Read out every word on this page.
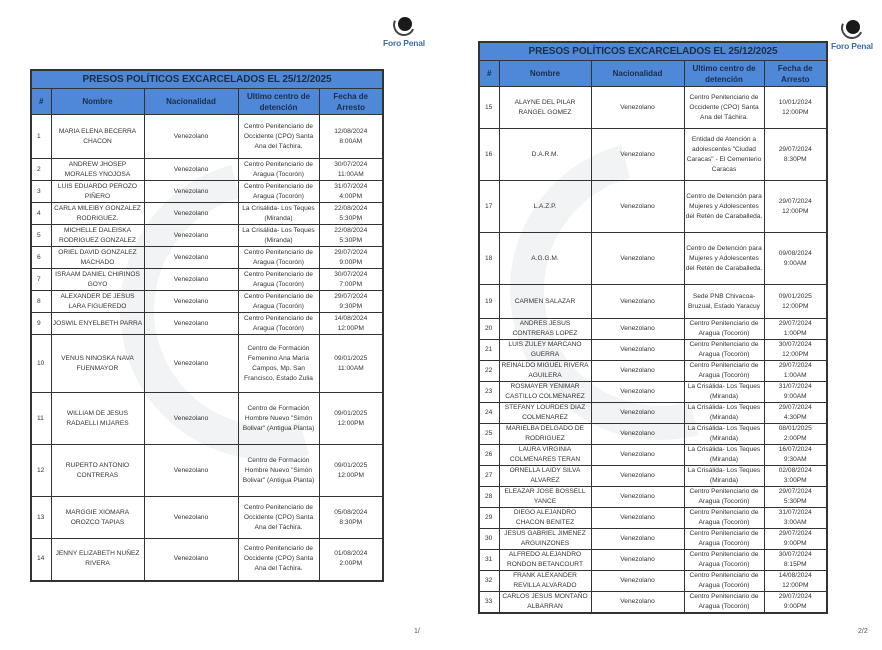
Foro Penal
PRESOS POLÍTICOS EXCARCELADOS EL 25/12/2025				
#	Nombre	Nacionalidad	Ultimo centro de detención	Fecha de Arresto
1	MARIA ELENA BECERRA CHACON	Venezolano	Centro Penitenciario de Occidente (CPO) Santa Ana del Táchira.	12/08/2024
8:00AM

2	ANDREW JHOSEP MORALES YNOJOSA	Venezolano	Centro Penitenciario de Aragua (Tocorón)	30/07/2024
11:00AM

3	LUIS EDUARDO PEROZO PIÑERO	Venezolano	Centro Penitenciario de Aragua (Tocorón)	31/07/2024
4:00PM

4	CARLA MILEIBY GONZALEZ RODRIGUEZ.	Venezolano	La Crisálida- Los Teques (Miranda)	22/08/2024
5:30PM

5	MICHELLE DALEISKA RODRIGUEZ GONZALEZ	Venezolano	La Crisálida- Los Teques (Miranda)	22/08/2024
5:30PM

6	ORIEL DAVID GONZALEZ MACHADO	Venezolano	Centro Penitenciario de Aragua (Tocorón)	29/07/2024
9:00PM

7	ISRAAM DANIEL CHIRINOS GOYO	Venezolano	Centro Penitenciario de Aragua (Tocorón)	30/07/2024
7:00PM

8	ALEXANDER DE JESUS LARA FIGUEREDO	Venezolano	Centro Penitenciario de Aragua (Tocorón)	29/07/2024
9:30PM

9	JOSWIL ENYELBETH PARRA	Venezolano	Centro Penitenciario de Aragua (Tocorón)	14/08/2024
12:00PM

10	VENUS NINOSKA NAVA FUENMAYOR	Venezolano	Centro de Formación Femenino Ana María Campos, Mp. San Francisco, Estado Zulia	09/01/2025
11:00AM

11	WILLIAM DE JESUS RADAELLI MIJARES	Venezolano	Centro de Formación Hombre Nuevo "Simón Bolivar" (Antigua Planta)	09/01/2025
12:00PM

12	RUPERTO ANTONIO CONTRERAS	Venezolano	Centro de Formación Hombre Nuevo "Simón Bolivar" (Antigua Planta)	09/01/2025
12:00PM

13	MARGGIE XIOMARA OROZCO TAPIAS	Venezolano	Centro Penitenciario de Occidente (CPO) Santa Ana del Táchira.	05/08/2024
8:30PM

14	JENNY ELIZABETH NUÑEZ RIVERA	Venezolano	Centro Penitenciario de Occidente (CPO) Santa Ana del Táchira.	01/08/2024
2:00PM
1/
Foro Penal
PRESOS POLÍTICOS EXCARCELADOS EL 25/12/2025				
#	Nombre	Nacionalidad	Ultimo centro de detención	Fecha de Arresto
15	ALAYNE DEL PILAR RANGEL GOMEZ	Venezolano	Centro Penitenciario de Occidente (CPO) Santa Ana del Táchira.	10/01/2024
12:00PM

16	D.A.R.M.	Venezolano	Entidad de Atención a adolescentes "Ciudad Caracas" - El Cementerio Caracas	29/07/2024
8:30PM

17	L.A.Z.P.	Venezolano	Centro de Detención para Mujeres y Adolescentes del Retén de Caraballeda.	29/07/2024
12:00PM

18	A.G.G.M.	Venezolano	Centro de Detención para Mujeres y Adolescentes del Retén de Caraballeda.	09/08/2024
9:00AM

19	CARMEN SALAZAR	Venezolano	Sede PNB Chivacoa- Bruzual, Estado Yaracuy	09/01/2025
12:00PM

20	ANDRES JESUS CONTRERAS LOPEZ	Venezolano	Centro Penitenciario de Aragua (Tocorón)	29/07/2024
1:00PM

21	LUIS ZULEY MARCANO GUERRA	Venezolano	Centro Penitenciario de Aragua (Tocorón)	30/07/2024
12:00PM

22	REINALDO MIGUEL RIVERA AGUILERA	Venezolano	Centro Penitenciario de Aragua (Tocorón)	29/07/2024
1:00AM

23	ROSMAYER YENIMAR CASTILLO COLMENAREZ	Venezolano	La Crisálida- Los Teques (Miranda)	31/07/2024
9:00AM

24	STEFANY LOURDES DIAZ COLMENAREZ	Venezolano	La Crisálida- Los Teques (Miranda)	29/07/2024
4:30PM

25	MARIELBA DELGADO DE RODRIGUEZ	Venezolano	La Crisálida- Los Teques (Miranda)	08/01/2025
2:00PM

26	LAURA VIRGINIA COLMENARES TERAN	Venezolano	La Crisálida- Los Teques (Miranda)	16/07/2024
9:30AM

27	ORNELLA LAIDY SILVA ALVAREZ	Venezolano	La Crisálida- Los Teques (Miranda)	02/08/2024
3:00PM

28	ELEAZAR JOSE BOSSELL YANCE	Venezolano	Centro Penitenciario de Aragua (Tocorón)	29/07/2024
5:30PM

29	DIEGO ALEJANDRO CHACON BENITEZ	Venezolano	Centro Penitenciario de Aragua (Tocorón)	31/07/2024
3:00AM

30	JESUS GABRIEL JIMENEZ ARGUINZONES	Venezolano	Centro Penitenciario de Aragua (Tocorón)	29/07/2024
9:00PM

31	ALFREDO ALEJANDRO RONDON BETANCOURT	Venezolano	Centro Penitenciario de Aragua (Tocorón)	30/07/2024
8:15PM

32	FRANK ALEXANDER REVILLA ALVARADO	Venezolano	Centro Penitenciario de Aragua (Tocorón)	14/08/2024
12:00PM

33	CARLOS JESUS MONTAÑO ALBARRAN	Venezolano	Centro Penitenciario de Aragua (Tocorón)	29/07/2024
9:00PM
2/2
